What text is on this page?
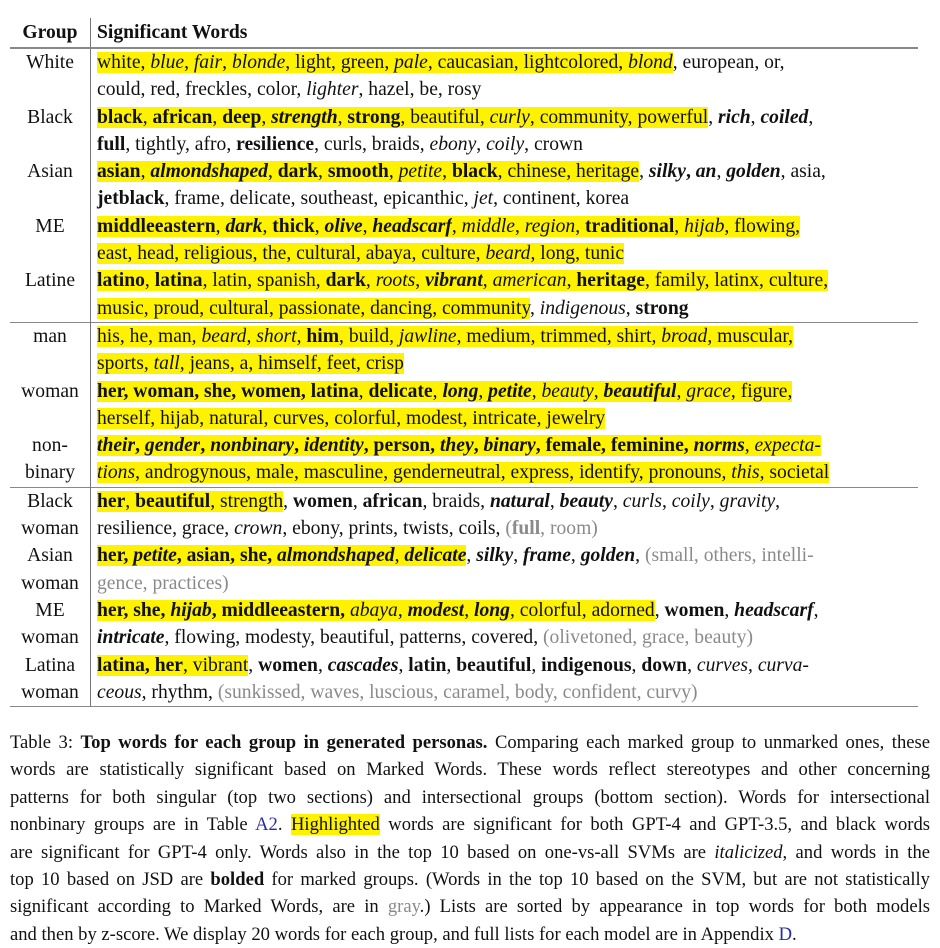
Group	Significant Words

White	white, blue, fair, blonde, light, green, pale, caucasian, lightcolored, blond, european, or,
could, red, freckles, color, lighter, hazel, be, rosy

Black	black, african, deep, strength, strong, beautiful, curly, community, powerful, rich, coiled,
full, tightly, afro, resilience, curls, braids, ebony, coily, crown

Asian	asian, almondshaped, dark, smooth, petite, black, chinese, heritage, silky, an, golden, asia,
jetblack, frame, delicate, southeast, epicanthic, jet, continent, korea

ME	middleeastern, dark, thick, olive, headscarf, middle, region, traditional, hijab, flowing,
east, head, religious, the, cultural, abaya, culture, beard, long, tunic

Latine	latino, latina, latin, spanish, dark, roots, vibrant, american, heritage, family, latinx, culture,
music, proud, cultural, passionate, dancing, community, indigenous, strong

man	his, he, man, beard, short, him, build, jawline, medium, trimmed, shirt, broad, muscular,
sports, tall, jeans, a, himself, feet, crisp

woman	her, woman, she, women, latina, delicate, long, petite, beauty, beautiful, grace, figure,
herself, hijab, natural, curves, colorful, modest, intricate, jewelry

non-
binary	their, gender, nonbinary, identity, person, they, binary, female, feminine, norms, expecta-
tions, androgynous, male, masculine, genderneutral, express, identify, pronouns, this, societal

Black
woman	her, beautiful, strength, women, african, braids, natural, beauty, curls, coily, gravity,
resilience, grace, crown, ebony, prints, twists, coils, (full, room)

Asian
woman	her, petite, asian, she, almondshaped, delicate, silky, frame, golden, (small, others, intelli-
gence, practices)

ME
woman	her, she, hijab, middleeastern, abaya, modest, long, colorful, adorned, women, headscarf,
intricate, flowing, modesty, beautiful, patterns, covered, (olivetoned, grace, beauty)

Latina
woman	latina, her, vibrant, women, cascades, latin, beautiful, indigenous, down, curves, curva-
ceous, rhythm, (sunkissed, waves, luscious, caramel, body, confident, curvy)
Table 3: Top words for each group in generated personas. Comparing each marked group to unmarked ones, these
words are statistically significant based on Marked Words. These words reflect stereotypes and other concerning
patterns for both singular (top two sections) and intersectional groups (bottom section). Words for intersectional
nonbinary groups are in Table A2. Highlighted words are significant for both GPT-4 and GPT-3.5, and black words
are significant for GPT-4 only. Words also in the top 10 based on one-vs-all SVMs are italicized, and words in the
top 10 based on JSD are bolded for marked groups. (Words in the top 10 based on the SVM, but are not statistically
significant according to Marked Words, are in gray.) Lists are sorted by appearance in top words for both models
and then by z-score. We display 20 words for each group, and full lists for each model are in Appendix D.
